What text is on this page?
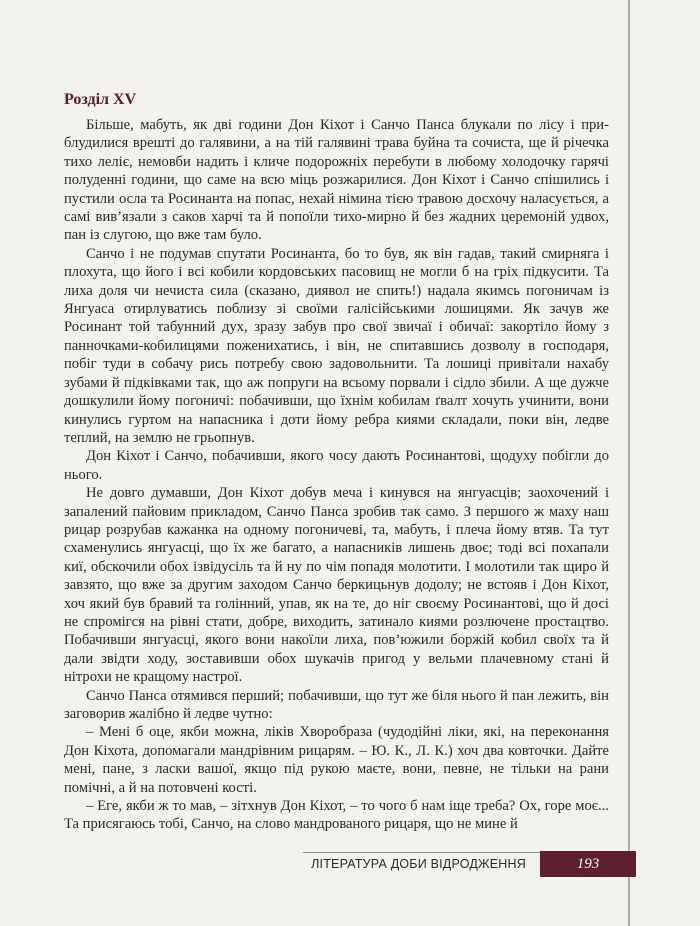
Розділ XV

Більше, мабуть, як дві години Дон Кіхот і Санчо Панса блукали по лісу і приблудилися врешті до галявини, а на тій галявині трава буйна та сочиста, ще й річечка тихо леліє, немовби надить і кличе подорожніх перебути в любому холодочку гарячі полуденні години, що саме на всю міць розжарилися. Дон Кіхот і Санчо спішились і пустили осла та Росинанта на попас, нехай німина тією травою досхочу наласується, а самі вив’язали з саков харчі та й попоїли тихо-мирно й без жадних церемоній удвох, пан із слугою, що вже там було.

Санчо і не подумав спутати Росинанта, бо то був, як він гадав, такий смирняга і плохута, що його і всі кобили кордовських пасовищ не могли б на гріх підкусити. Та лиха доля чи нечиста сила (сказано, диявол не спить!) надала якимсь погоничам із Янгуаса отирлуватись поблизу зі своїми галісійськими лошицями. Як зачув же Росинант той табунний дух, зразу забув про свої звичаї і обичаї: закортіло йому з панночками-кобилицями поженихатись, і він, не спитавшись дозволу в господаря, побіг туди в собачу рись потребу свою задовольнити. Та лошиці привітали нахабу зубами й підківками так, що аж попруги на всьому порвали і сідло збили. А ще дужче дошкулили йому погоничі: побачивши, що їхнім кобилам ґвалт хочуть учинити, вони кинулись гуртом на напасника і доти йому ребра киями складали, поки він, ледве теплий, на землю не грьопнув.

Дон Кіхот і Санчо, побачивши, якого чосу дають Росинантові, щодуху побігли до нього.

Не довго думавши, Дон Кіхот добув меча і кинувся на янгуасців; заохочений і запалений пайовим прикладом, Санчо Панса зробив так само. З першого ж маху наш рицар розрубав кажанка на одному погоничеві, та, мабуть, і плеча йому втяв. Та тут схаменулись янгуасці, що їх же багато, а напасників лишень двоє; тоді всі похапали киї, обскочили обох ізвідусіль та й ну по чім попадя молотити. І молотили так щиро й завзято, що вже за другим заходом Санчо беркицьнув додолу; не встояв і Дон Кіхот, хоч який був бравий та голінний, упав, як на те, до ніг своєму Росинантові, що й досі не спромігся на рівні стати, добре, виходить, затинало киями розлючене простацтво. Побачивши янгуасці, якого вони накоїли лиха, пов’южили боржій кобил своїх та й дали звідти ходу, зоставивши обох шукачів пригод у вельми плачевному стані й нітрохи не кращому настрої.

Санчо Панса отямився перший; побачивши, що тут же біля нього й пан лежить, він заговорив жалібно й ледве чутно:

– Мені б оце, якби можна, ліків Хворобраза (чудодійні ліки, які, на переконання Дон Кіхота, допомагали мандрівним рицарям. – Ю. К., Л. К.) хоч два ковточки. Дайте мені, пане, з ласки вашої, якщо під рукою маєте, вони, певне, не тільки на рани помічні, а й на потовчені кості.

– Еге, якби ж то мав, – зітхнув Дон Кіхот, – то чого б нам іще треба? Ох, горе моє... Та присягаюсь тобі, Санчо, на слово мандрованого рицаря, що не мине й

ЛІТЕРАТУРА ДОБИ ВІДРОДЖЕННЯ	193
